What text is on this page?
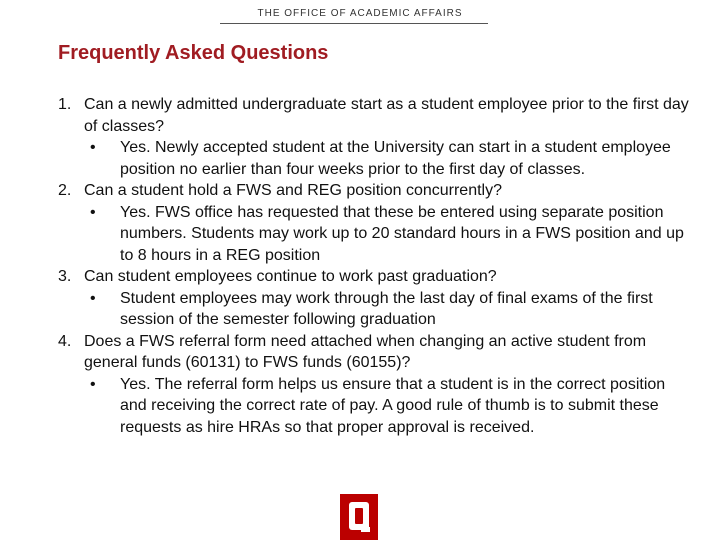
THE OFFICE OF ACADEMIC AFFAIRS
Frequently Asked Questions
1. Can a newly admitted undergraduate start as a student employee prior to the first day of classes?
• Yes. Newly accepted student at the University can start in a student employee position no earlier than four weeks prior to the first day of classes.
2. Can a student hold a FWS and REG position concurrently?
• Yes. FWS office has requested that these be entered using separate position numbers. Students may work up to 20 standard hours in a FWS position and up to 8 hours in a REG position
3. Can student employees continue to work past graduation?
• Student employees may work through the last day of final exams of the first session of the semester following graduation
4. Does a FWS referral form need attached when changing an active student from general funds (60131) to FWS funds (60155)?
• Yes. The referral form helps us ensure that a student is in the correct position and receiving the correct rate of pay. A good rule of thumb is to submit these requests as hire HRAs so that proper approval is received.
